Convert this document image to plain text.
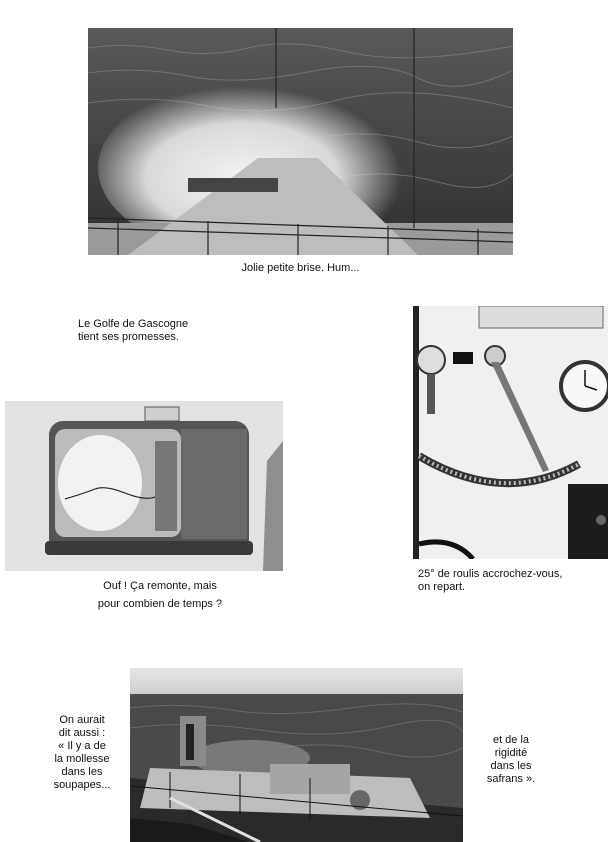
Jolie petite brise. Hum...
Le Golfe de Gascogne
tient ses promesses.
Ouf ! Ça remonte, mais
pour combien de temps ?
25° de roulis accrochez-vous,
on repart.
On aurait
dit aussi :
« Il y a de
la mollesse
dans les
soupapes...
et de la
rigidité
dans les
safrans ».
